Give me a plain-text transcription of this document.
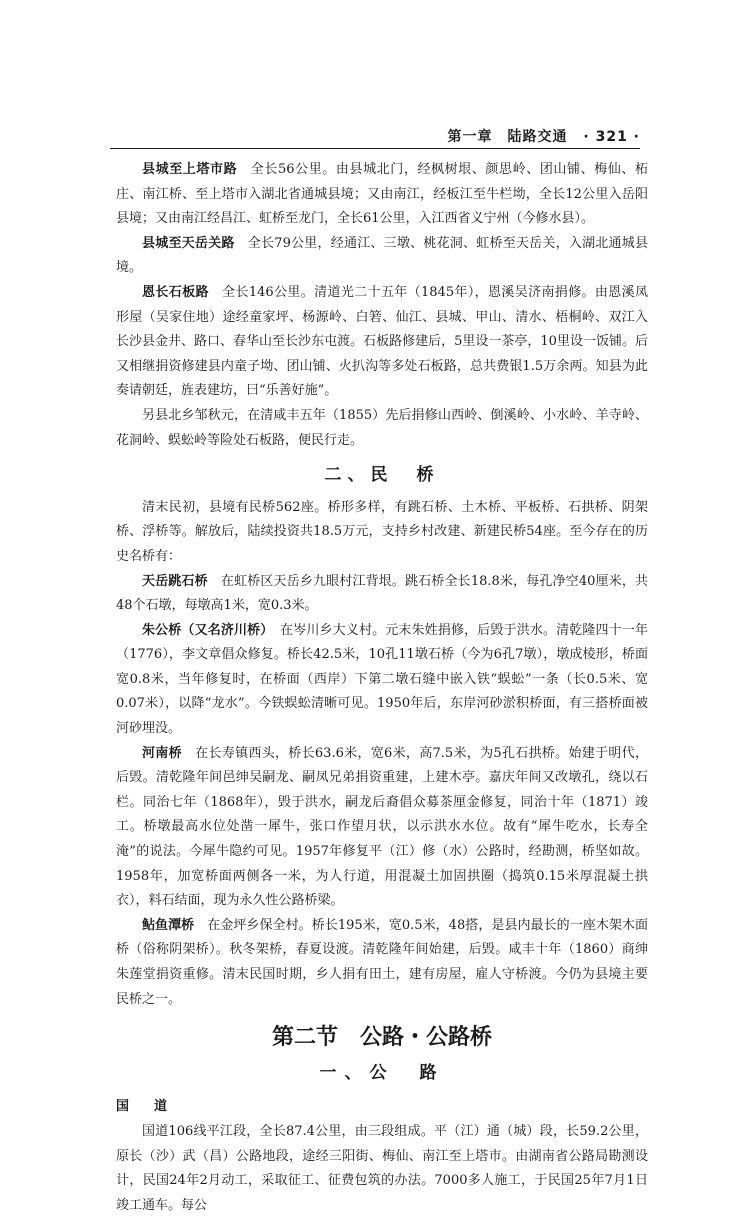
第一章　陆路交通 · 321 ·

县城至上塔市路　全长56公里。由县城北门，经枫树垠、颜思岭、团山铺、梅仙、柘庄、南江桥、至上塔市入湖北省通城县境；又由南江，经板江至牛栏坳，全长12公里入岳阳县境；又由南江经昌江、虹桥至龙门，全长61公里，入江西省义宁州（今修水县）。

县城至天岳关路　全长79公里，经通江、三墩、桃花洞、虹桥至天岳关，入湖北通城县境。

恩长石板路　全长146公里。清道光二十五年（1845年），恩溪吴济南捐修。由恩溪凤形屋（吴家住地）途经童家坪、杨源岭、白箬、仙江、县城、甲山、清水、梧桐岭、双江入长沙县金井、路口、春华山至长沙东屯渡。石板路修建后，5里设一茶亭，10里设一饭铺。后又相继捐资修建县内童子坳、团山铺、火扒沟等多处石板路，总共费银1.5万余两。知县为此奏请朝廷，旌表建坊，曰“乐善好施”。

另县北乡邹秋元，在清咸丰五年（1855）先后捐修山西岭、倒溪岭、小水岭、羊寺岭、花洞岭、蜈蚣岭等险处石板路，便民行走。

二、民　桥

清末民初，县境有民桥562座。桥形多样，有跳石桥、土木桥、平板桥、石拱桥、阴架桥、浮桥等。解放后，陆续投资共18.5万元，支持乡村改建、新建民桥54座。至今存在的历史名桥有：

天岳跳石桥　在虹桥区天岳乡九眼村江背垠。跳石桥全长18.8米，每孔净空40厘米，共48个石墩，每墩高1米，宽0.3米。

朱公桥（又名济川桥）　在岑川乡大义村。元末朱姓捐修，后毁于洪水。清乾隆四十一年（1776），李文章倡众修复。桥长42.5米，10孔11墩石桥（今为6孔7墩），墩成棱形，桥面宽0.8米，当年修复时，在桥面（西岸）下第二墩石缝中嵌入铁“蜈蚣”一条（长0.5米、宽0.07米），以降“龙水”。今铁蜈蚣清晰可见。1950年后，东岸河砂淤积桥面，有三搭桥面被河砂埋没。

河南桥　在长寿镇西头，桥长63.6米，宽6米，高7.5米，为5孔石拱桥。始建于明代，后毁。清乾隆年间邑绅吴嗣龙、嗣凤兄弟捐资重建，上建木亭。嘉庆年间又改墩孔，绕以石栏。同治七年（1868年），毁于洪水，嗣龙后裔倡众募茶厘金修复，同治十年（1871）竣工。桥墩最高水位处凿一犀牛，张口作望月状，以示洪水水位。故有“犀牛吃水，长寿全淹”的说法。今犀牛隐约可见。1957年修复平（江）修（水）公路时，经勘测，桥坚如故。1958年，加宽桥面两侧各一米，为人行道，用混凝土加固拱圈（捣筑0.15米厚混凝土拱衣），料石结面，现为永久性公路桥梁。

鲇鱼潭桥　在金坪乡保全村。桥长195米，宽0.5米，48搭，是县内最长的一座木架木面桥（俗称阴架桥）。秋冬架桥，春夏设渡。清乾隆年间始建，后毁。咸丰十年（1860）商绅朱莲堂捐资重修。清末民国时期，乡人捐有田土，建有房屋，雇人守桥渡。今仍为县境主要民桥之一。

第二节　公路・公路桥
一、公　路

国　道

国道106线平江段，全长87.4公里，由三段组成。平（江）通（城）段，长59.2公里，原长（沙）武（昌）公路地段，途经三阳街、梅仙、南江至上塔市。由湖南省公路局勘测设计，民国24年2月动工，采取征工、征费包筑的办法。7000多人施工，于民国25年7月1日竣工通车。每公
